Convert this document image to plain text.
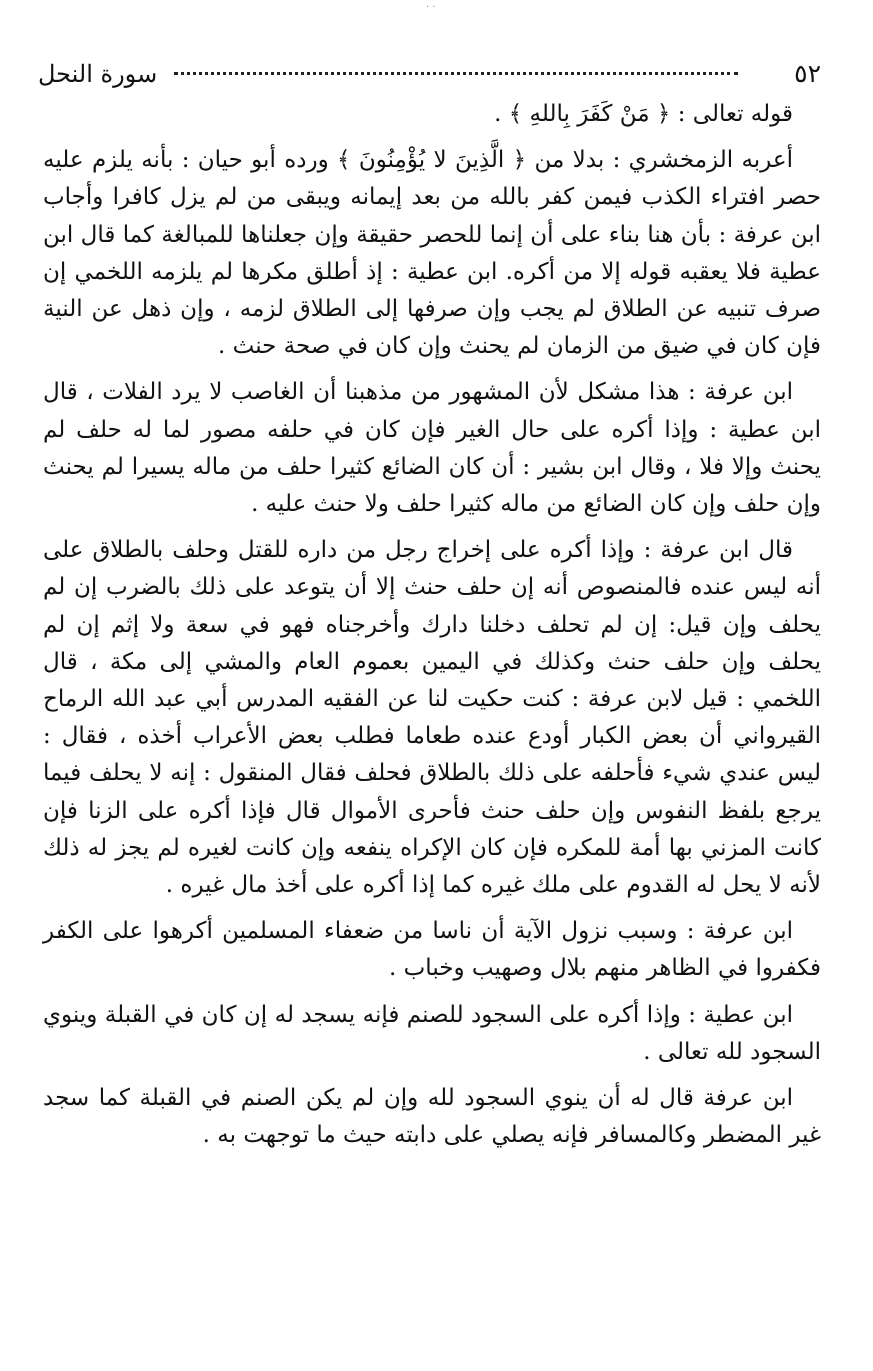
· ·
٥٢
سورة النحل

قوله تعالى : ﴿ مَنْ كَفَرَ بِاللهِ ﴾ .

أعربه الزمخشري : بدلا من ﴿ الَّذِينَ لا يُؤْمِنُونَ ﴾ ورده أبو حيان : بأنه يلزم عليه حصر افتراء الكذب فيمن كفر بالله من بعد إيمانه ويبقى من لم يزل كافرا وأجاب ابن عرفة : بأن هنا بناء على أن إنما للحصر حقيقة وإن جعلناها للمبالغة كما قال ابن عطية فلا يعقبه قوله إلا من أكره. ابن عطية : إذ أطلق مكرها لم يلزمه اللخمي إن صرف تنبيه عن الطلاق لم يجب وإن صرفها إلى الطلاق لزمه ، وإن ذهل عن النية فإن كان في ضيق من الزمان لم يحنث وإن كان في صحة حنث .

ابن عرفة : هذا مشكل لأن المشهور من مذهبنا أن الغاصب لا يرد الفلات ، قال ابن عطية : وإذا أكره على حال الغير فإن كان في حلفه مصور لما له حلف لم يحنث وإلا فلا ، وقال ابن بشير : أن كان الضائع كثيرا حلف من ماله يسيرا لم يحنث وإن حلف وإن كان الضائع من ماله كثيرا حلف ولا حنث عليه .

قال ابن عرفة : وإذا أكره على إخراج رجل من داره للقتل وحلف بالطلاق على أنه ليس عنده فالمنصوص أنه إن حلف حنث إلا أن يتوعد على ذلك بالضرب إن لم يحلف وإن قيل: إن لم تحلف دخلنا دارك وأخرجناه فهو في سعة ولا إثم إن لم يحلف وإن حلف حنث وكذلك في اليمين بعموم العام والمشي إلى مكة ، قال اللخمي : قيل لابن عرفة : كنت حكيت لنا عن الفقيه المدرس أبي عبد الله الرماح القيرواني أن بعض الكبار أودع عنده طعاما فطلب بعض الأعراب أخذه ، فقال : ليس عندي شيء فأحلفه على ذلك بالطلاق فحلف فقال المنقول : إنه لا يحلف فيما يرجع بلفظ النفوس وإن حلف حنث فأحرى الأموال قال فإذا أكره على الزنا فإن كانت المزني بها أمة للمكره فإن كان الإكراه ينفعه وإن كانت لغيره لم يجز له ذلك لأنه لا يحل له القدوم على ملك غيره كما إذا أكره على أخذ مال غيره .

ابن عرفة : وسبب نزول الآية أن ناسا من ضعفاء المسلمين أكرهوا على الكفر فكفروا في الظاهر منهم بلال وصهيب وخباب .

ابن عطية : وإذا أكره على السجود للصنم فإنه يسجد له إن كان في القبلة وينوي السجود لله تعالى .

ابن عرفة قال له أن ينوي السجود لله وإن لم يكن الصنم في القبلة كما سجد غير المضطر وكالمسافر فإنه يصلي على دابته حيث ما توجهت به .
